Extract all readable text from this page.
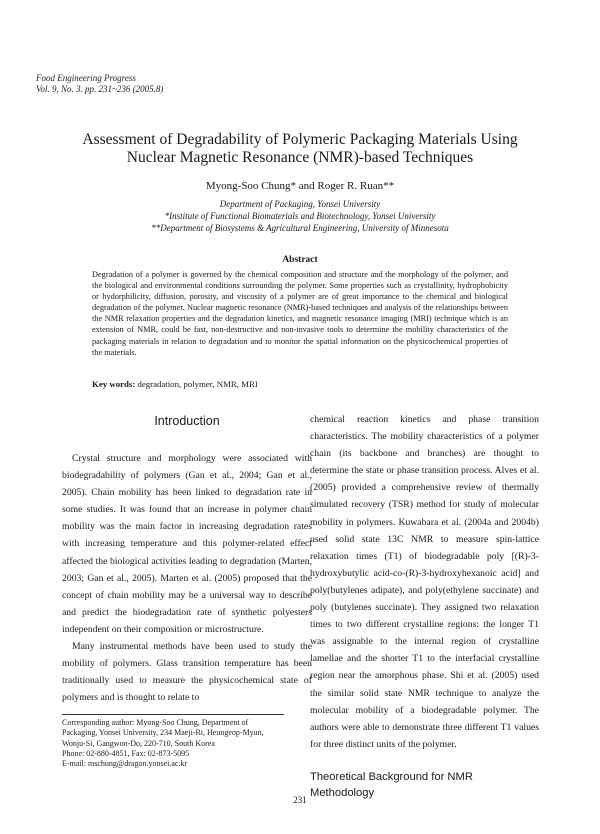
Food Engineering Progress
Vol. 9, No. 3. pp. 231~236 (2005.8)
Assessment of Degradability of Polymeric Packaging Materials Using
Nuclear Magnetic Resonance (NMR)-based Techniques
Myong-Soo Chung* and Roger R. Ruan**
Department of Packaging, Yonsei University
*Institute of Functional Biomaterials and Biotechnology, Yonsei University
**Department of Biosystems & Agricultural Engineering, University of Minnesota
Abstract
Degradation of a polymer is governed by the chemical composition and structure and the morphology of the polymer, and the biological and environmental conditions surrounding the polymer. Some properties such as crystallinity, hydrophobicity or hydorphilicity, diffusion, porosity, and viscosity of a polymer are of great importance to the chemical and biological degradation of the polymer. Nuclear magnetic resonance (NMR)-based techniques and analysis of the relationships between the NMR relaxation properties and the degradation kinetics, and magnetic resonance imaging (MRI) technique which is an extension of NMR, could be fast, non-destructive and non-invasive tools to determine the mobility characteristics of the packaging materials in relation to degradation and to monitor the spatial information on the physicochemical properties of the materials.
Key words: degradation, polymer, NMR, MRI
Introduction

Crystal structure and morphology were associated with biodegradability of polymers (Gan et al., 2004; Gan et al., 2005). Chain mobility has been linked to degradation rate in some studies. It was found that an increase in polymer chain mobility was the main factor in increasing degradation rates with increasing temperature and this polymer-related effect affected the biological activities leading to degradation (Marten, 2003; Gan et al., 2005). Marten et al. (2005) proposed that the concept of chain mobility may be a universal way to describe and predict the biodegradation rate of synthetic polyesters independent on their composition or microstructure.

Many instrumental methods have been used to study the mobility of polymers. Glass transition temperature has been traditionally used to measure the physicochemical state of polymers and is thought to relate to

chemical reaction kinetics and phase transition characteristics. The mobility characteristics of a polymer chain (its backbone and branches) are thought to determine the state or phase transition process. Alves et al. (2005) provided a comprehensive review of thermally simulated recovery (TSR) method for study of molecular mobility in polymers. Kuwabara et al. (2004a and 2004b) used solid state 13C NMR to measure spin-lattice relaxation times (T1) of biodegradable poly [(R)-3-hydroxybutylic acid-co-(R)-3-hydroxyhexanoic acid] and poly(butylenes adipate), and poly(ethylene succinate) and poly (butylenes succinate). They assigned two relaxation times to two different crystalline regions: the longer T1 was assignable to the internal region of crystalline lamellae and the shorter T1 to the interfacial crystalline region near the amorphous phase. Shi et al. (2005) used the similar solid state NMR technique to analyze the molecular mobility of a biodegradable polymer. The authors were able to demonstrate three different T1 values for three distinct units of the polymer.

Theoretical Background for NMR Methodology
Corresponding author: Myong-Soo Chung, Department of Packaging, Yonsei University, 234 Maeji-Ri, Heungeop-Myun, Wonju-Si, Gangwon-Do, 220-710, South Korea
Phone: 02-880-4851, Fax: 02-873-5095
E-mail: mschung@dragon.yonsei.ac.kr
231
